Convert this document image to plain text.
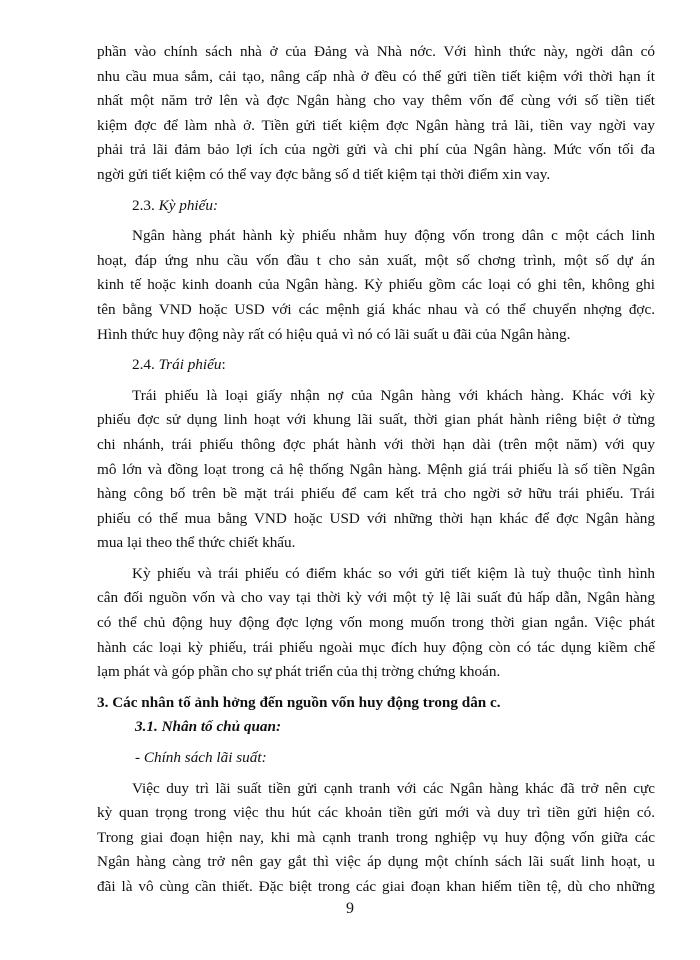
phần vào chính sách nhà ở của Đảng và Nhà nớc. Với hình thức này, ngời dân có
nhu cầu mua sắm, cải tạo, nâng cấp nhà ở đều có thể gửi tiền tiết kiệm với thời hạn ít
nhất một năm trở lên và đợc Ngân hàng cho vay thêm vốn để cùng với số tiền tiết
kiệm đợc để làm nhà ở. Tiền gửi tiết kiệm đợc Ngân hàng trả lãi, tiền vay ngời vay
phải trả lãi đảm bảo lợi ích của ngời gửi và chi phí của Ngân hàng. Mức vốn tối đa
ngời gửi tiết kiệm có thể vay đợc bằng số d tiết kiệm tại thời điểm xin vay.
2.3. Kỳ phiếu:
Ngân hàng phát hành kỳ phiếu nhằm huy động vốn trong dân c một cách linh
hoạt, đáp ứng nhu cầu vốn đầu t cho sản xuất, một số chơng trình, một số dự án
kinh tế hoặc kinh doanh của Ngân hàng. Kỳ phiếu gồm các loại có ghi tên, không ghi
tên bằng VND hoặc USD với các mệnh giá khác nhau và có thể chuyển nhợng đợc.
Hình thức huy động này rất có hiệu quả vì nó có lãi suất u đãi của Ngân hàng.
2.4. Trái phiếu:
Trái phiếu là loại giấy nhận nợ của Ngân hàng với khách hàng. Khác với kỳ
phiếu đợc sử dụng linh hoạt với khung lãi suất, thời gian phát hành riêng biệt ở từng
chi nhánh, trái phiếu thông đợc phát hành với thời hạn dài (trên một năm) với quy
mô lớn và đồng loạt trong cả hệ thống Ngân hàng. Mệnh giá trái phiếu là số tiền Ngân
hàng công bố trên bề mặt trái phiếu để cam kết trả cho ngời sở hữu trái phiếu. Trái
phiếu có thể mua bằng VND hoặc USD với những thời hạn khác để đợc Ngân hàng
mua lại theo thể thức chiết khấu.
Kỳ phiếu và trái phiếu có điểm khác so với gửi tiết kiệm là tuỳ thuộc tình hình
cân đối nguồn vốn và cho vay tại thời kỳ với một tỷ lệ lãi suất đủ hấp dẫn, Ngân hàng
có thể chủ động huy động đợc lợng vốn mong muốn trong thời gian ngắn. Việc phát
hành các loại kỳ phiếu, trái phiếu ngoài mục đích huy động còn có tác dụng kiềm chế
lạm phát và góp phần cho sự phát triển của thị trờng chứng khoán.
3. Các nhân tố ảnh hởng đến nguồn vốn huy động trong dân c.
3.1. Nhân tố chủ quan:
- Chính sách lãi suất:
Việc duy trì lãi suất tiền gửi cạnh tranh với các Ngân hàng khác đã trở nên cực
kỳ quan trọng trong việc thu hút các khoản tiền gửi mới và duy trì tiền gửi hiện có.
Trong giai đoạn hiện nay, khi mà cạnh tranh trong nghiệp vụ huy động vốn giữa các
Ngân hàng càng trở nên gay gắt thì việc áp dụng một chính sách lãi suất linh hoạt, u
đãi là vô cùng cần thiết. Đặc biệt trong các giai đoạn khan hiếm tiền tệ, dù cho những
9
